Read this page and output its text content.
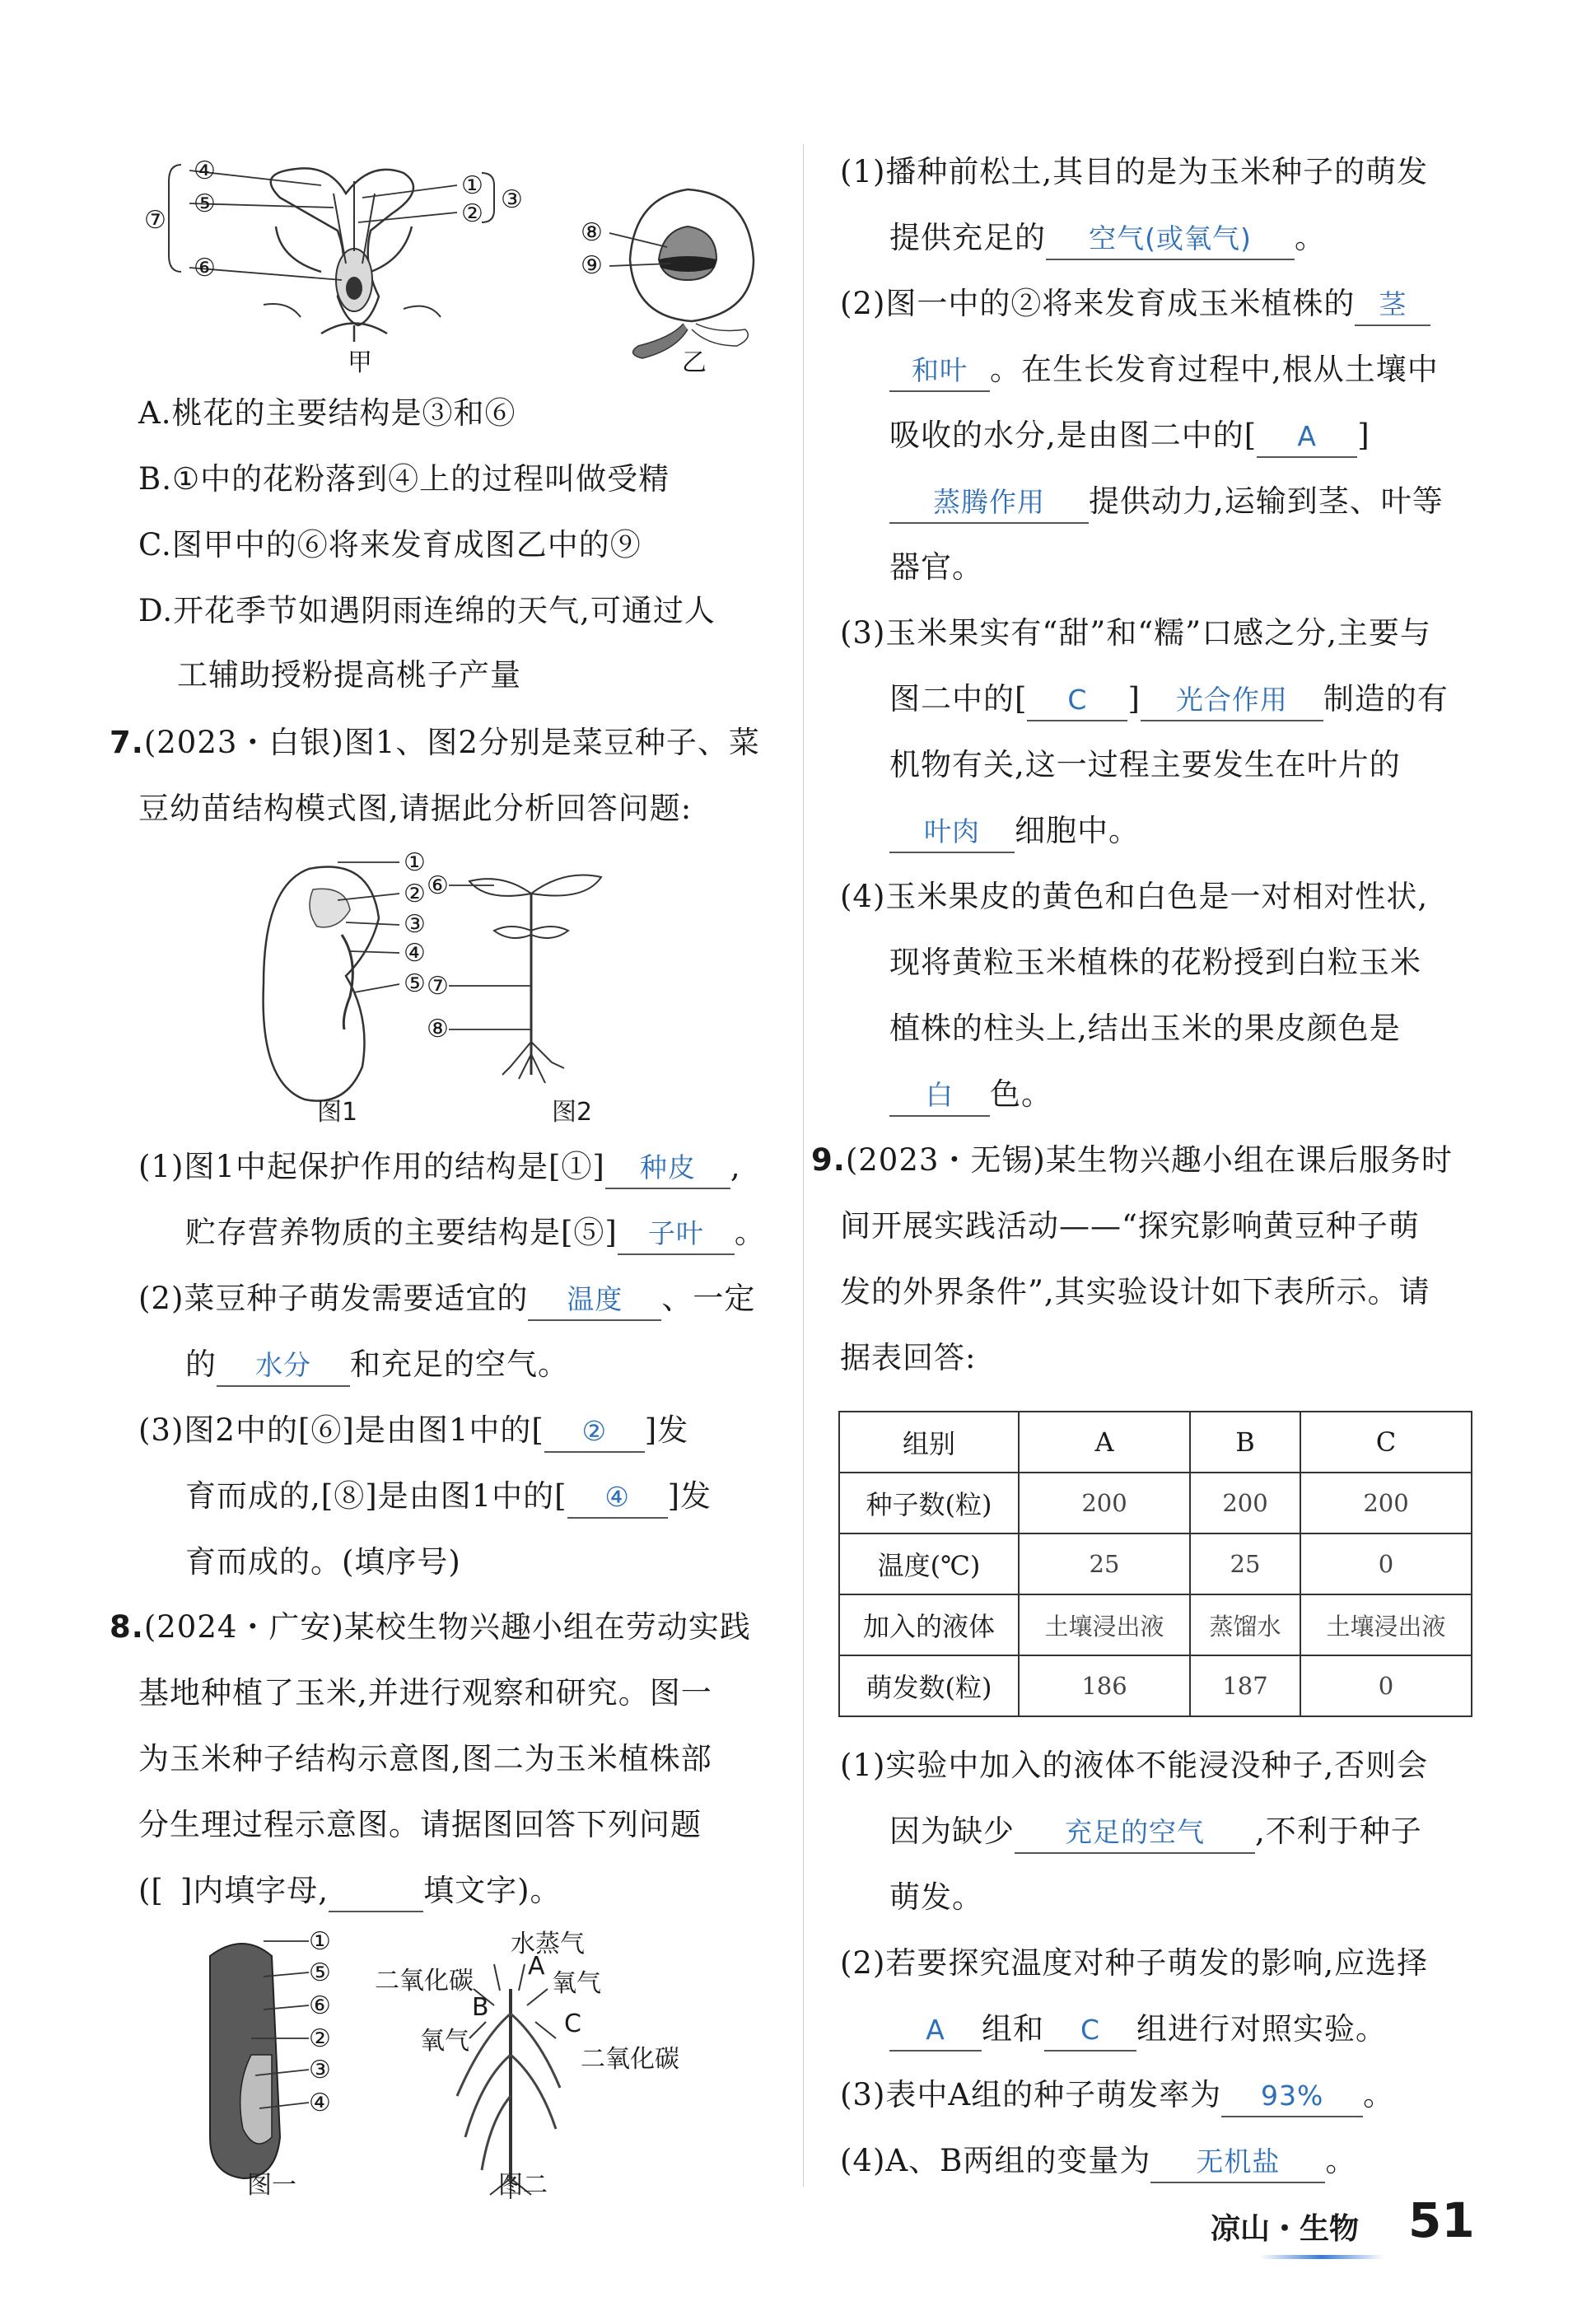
④
⑤
⑦
⑥
①
② ③
甲
⑧
⑨
乙
A.桃花的主要结构是③和⑥
B.①中的花粉落到④上的过程叫做受精
C.图甲中的⑥将来发育成图乙中的⑨
D.开花季节如遇阴雨连绵的天气,可通过人
工辅助授粉提高桃子产量
7.(2023・白银)图1、图2分别是菜豆种子、菜
豆幼苗结构模式图,请据此分析回答问题:
①
②
③
④
⑤
⑥
⑦
⑧
图1	图2
(1)图1中起保护作用的结构是[①] 种皮 ,
贮存营养物质的主要结构是[⑤] 子叶 。
(2)菜豆种子萌发需要适宜的 温度 、一定
的 水分 和充足的空气。
(3)图2中的[⑥]是由图1中的[ ② ]发
育而成的,[⑧]是由图1中的[ ④ ]发
育而成的。(填序号)
8.(2024・广安)某校生物兴趣小组在劳动实践
基地种植了玉米,并进行观察和研究。图一
为玉米种子结构示意图,图二为玉米植株部
分生理过程示意图。请据图回答下列问题
([ ]内填字母,	填文字)。
①
⑤
⑥
②
③
④
水蒸气
二氧化碳
A
氧气
B
氧气
C
二氧化碳
图一	图二
(1)播种前松土,其目的是为玉米种子的萌发
提供充足的 空气(或氧气) 。
(2)图一中的②将来发育成玉米植株的 茎
和叶 。在生长发育过程中,根从土壤中
吸收的水分,是由图二中的[ A ]
蒸腾作用 提供动力,运输到茎、叶等
器官。
(3)玉米果实有“甜”和“糯”口感之分,主要与
图二中的[ C ] 光合作用 制造的有
机物有关,这一过程主要发生在叶片的
叶肉 细胞中。
(4)玉米果皮的黄色和白色是一对相对性状,
现将黄粒玉米植株的花粉授到白粒玉米
植株的柱头上,结出玉米的果皮颜色是
白 色。
9.(2023・无锡)某生物兴趣小组在课后服务时
间开展实践活动——“探究影响黄豆种子萌
发的外界条件”,其实验设计如下表所示。请
据表回答:
组别	A	B	C
种子数(粒)	200	200	200
温度(℃)	25	25	0
加入的液体	土壤浸出液	蒸馏水	土壤浸出液
萌发数(粒)	186	187	0
(1)实验中加入的液体不能浸没种子,否则会
因为缺少 充足的空气 ,不利于种子
萌发。
(2)若要探究温度对种子萌发的影响,应选择
A 组和 C 组进行对照实验。
(3)表中A组的种子萌发率为 93% 。
(4)A、B两组的变量为 无机盐 。
凉山・生物 51
